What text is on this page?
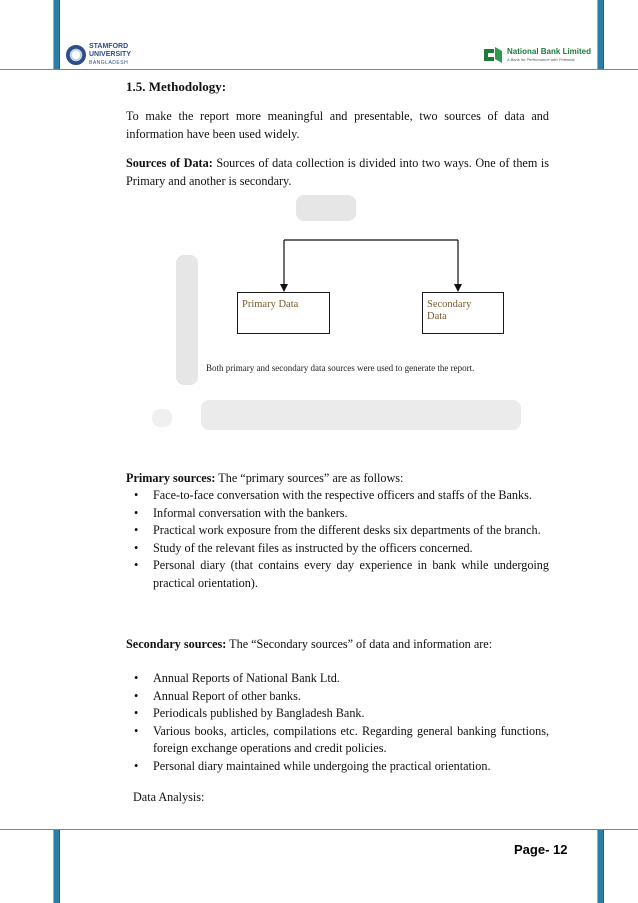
STAMFORD
UNIVERSITY
BANGLADESH
National Bank Limited
A Bank for Performance with Potential
1.5. Methodology:
To make the report more meaningful and presentable, two sources of data and information have been used widely.
Sources of Data: Sources of data collection is divided into two ways. One of them is Primary and another is secondary.
Primary Data	Secondary
Data
Both primary and secondary data sources were used to generate the report.
Primary sources: The “primary sources” are as follows:
• Face-to-face conversation with the respective officers and staffs of the Banks.
• Informal conversation with the bankers.
• Practical work exposure from the different desks six departments of the branch.
• Study of the relevant files as instructed by the officers concerned.
• Personal diary (that contains every day experience in bank while undergoing practical orientation).
Secondary sources: The “Secondary sources” of data and information are:
• Annual Reports of National Bank Ltd.
• Annual Report of other banks.
• Periodicals published by Bangladesh Bank.
• Various books, articles, compilations etc. Regarding general banking functions, foreign exchange operations and credit policies.
• Personal diary maintained while undergoing the practical orientation.
Data Analysis:
Page- 12
